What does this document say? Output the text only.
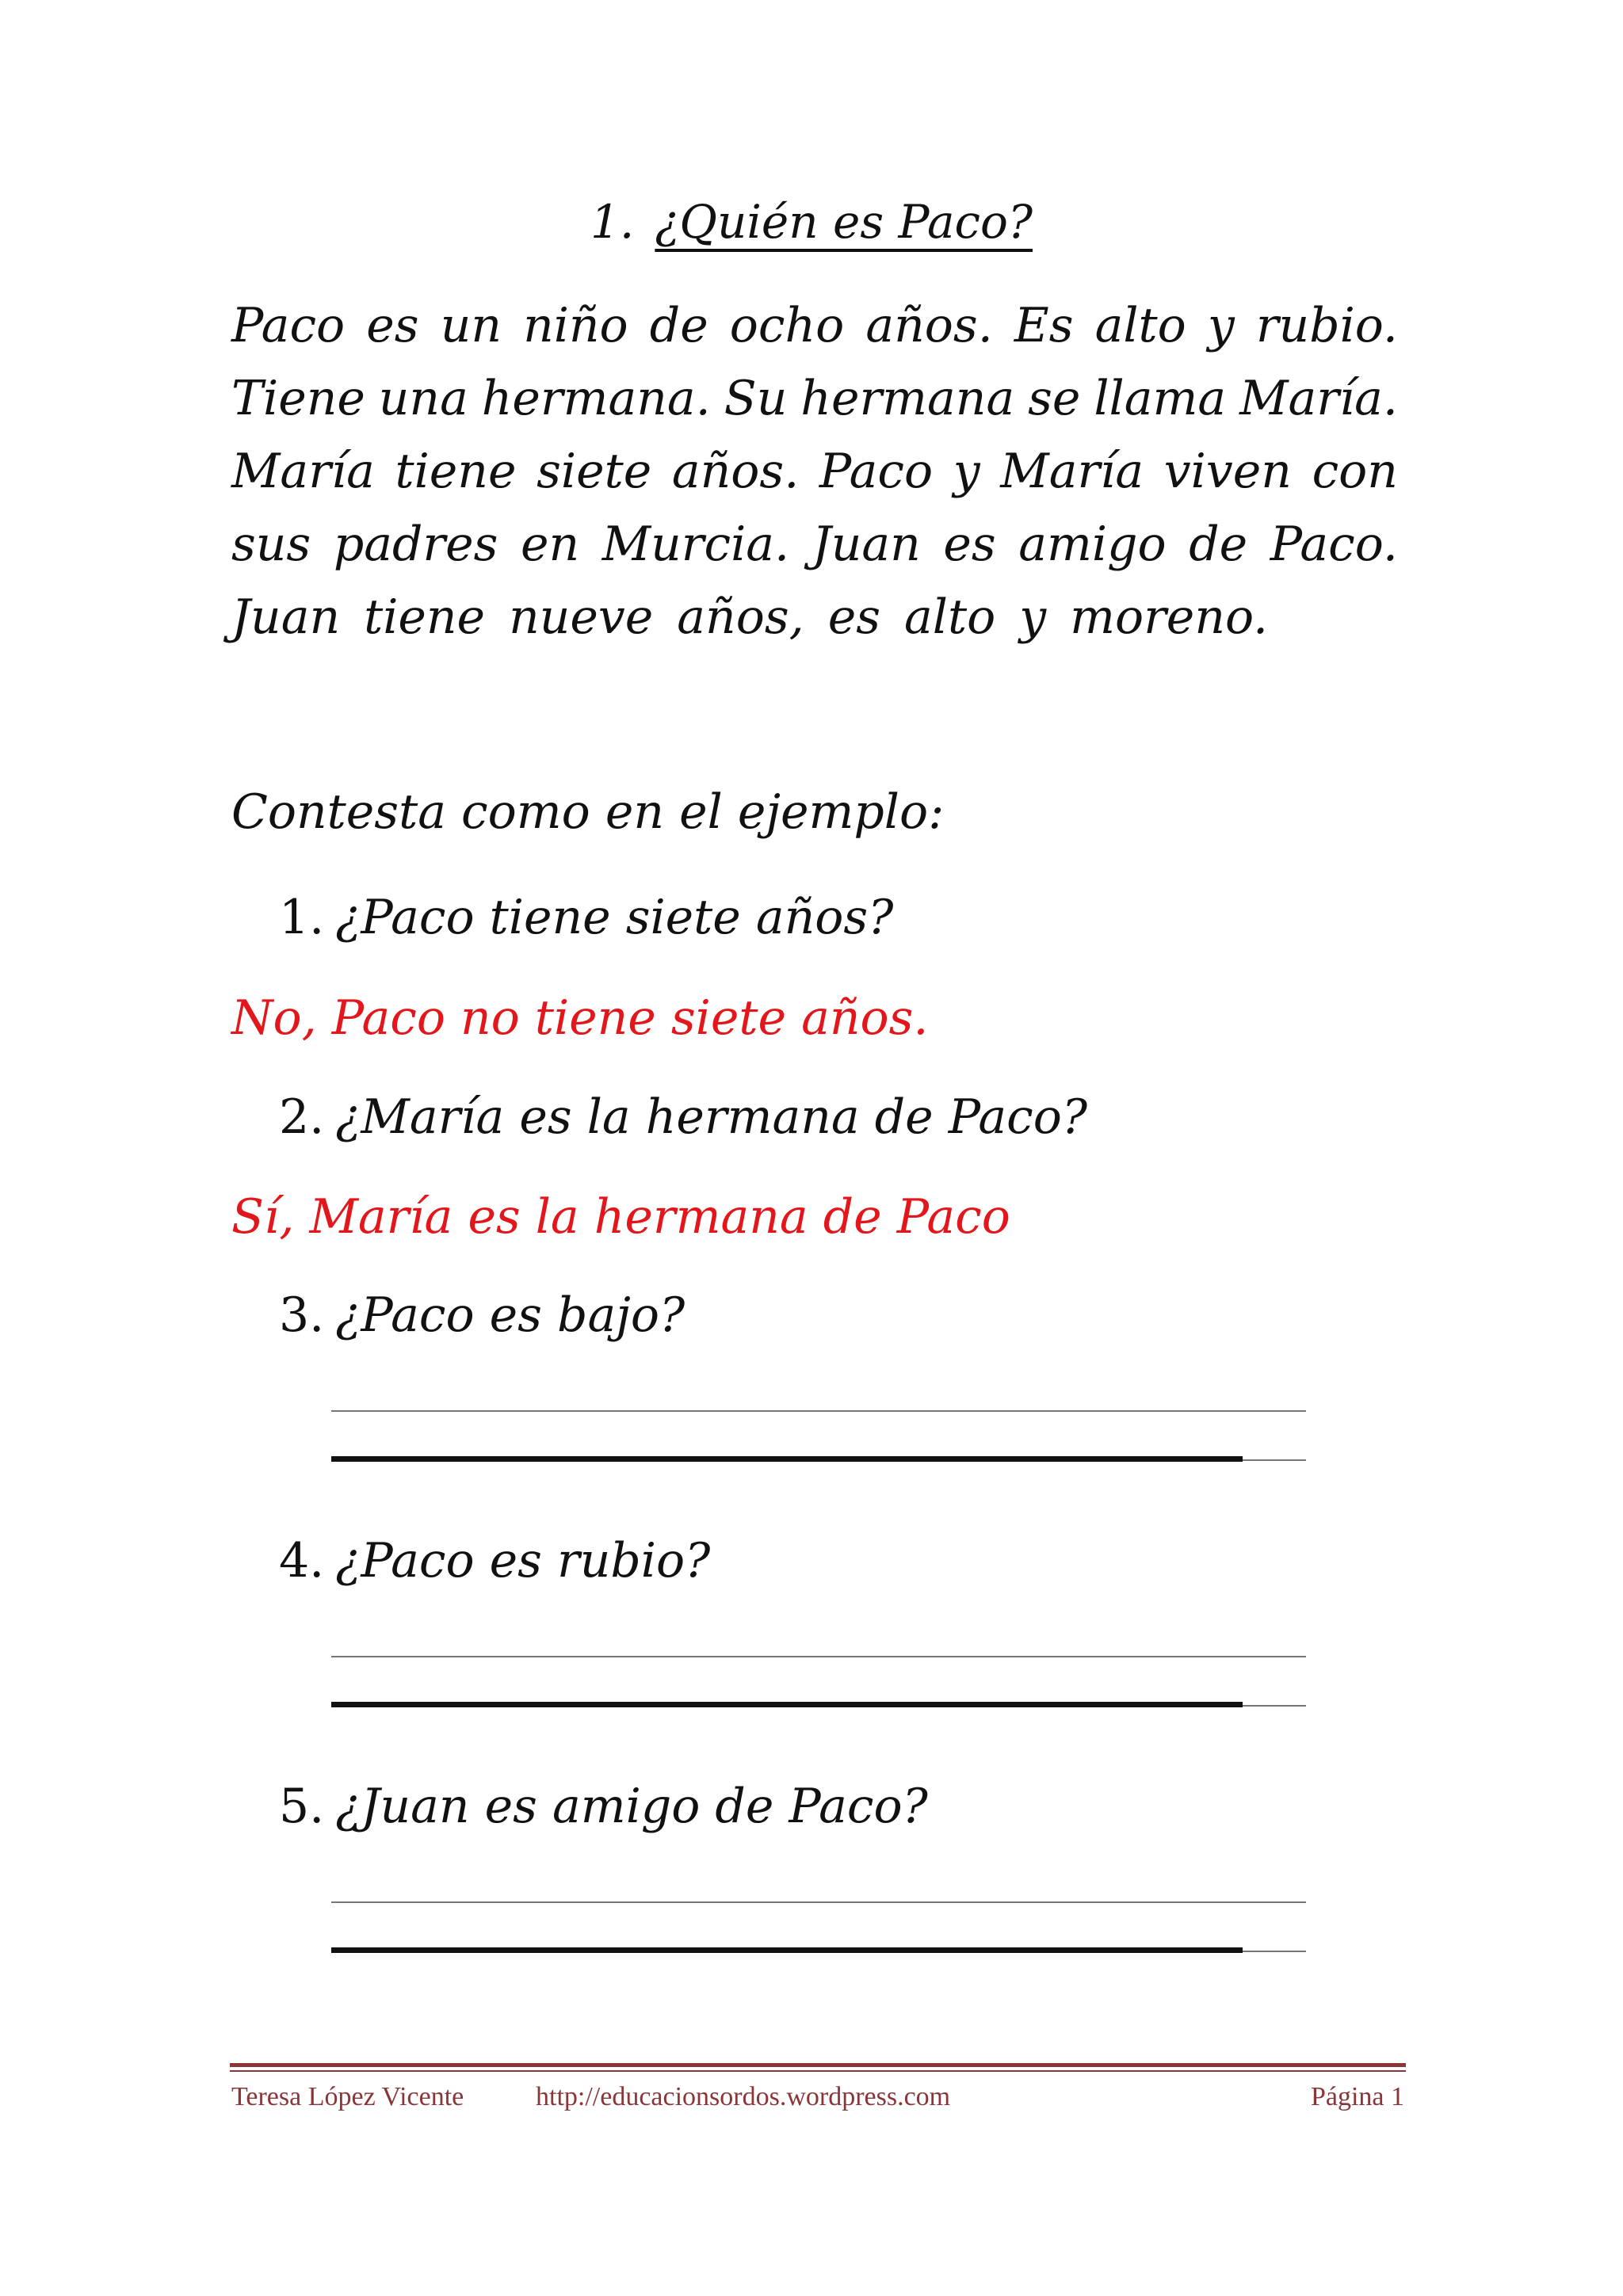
1. ¿Quién es Paco?
Paco es un niño de ocho años. Es alto y rubio.
Tiene una hermana. Su hermana se llama María.
María tiene siete años. Paco y María viven con
sus padres en Murcia. Juan es amigo de Paco.
Juan tiene nueve años, es alto y moreno.
Contesta como en el ejemplo:
1. ¿Paco tiene siete años?
No, Paco no tiene siete años.
2. ¿María es la hermana de Paco?
Sí, María es la hermana de Paco
3. ¿Paco es bajo?
4. ¿Paco es rubio?
5. ¿Juan es amigo de Paco?
Teresa López Vicente	http://educacionsordos.wordpress.com	Página 1
